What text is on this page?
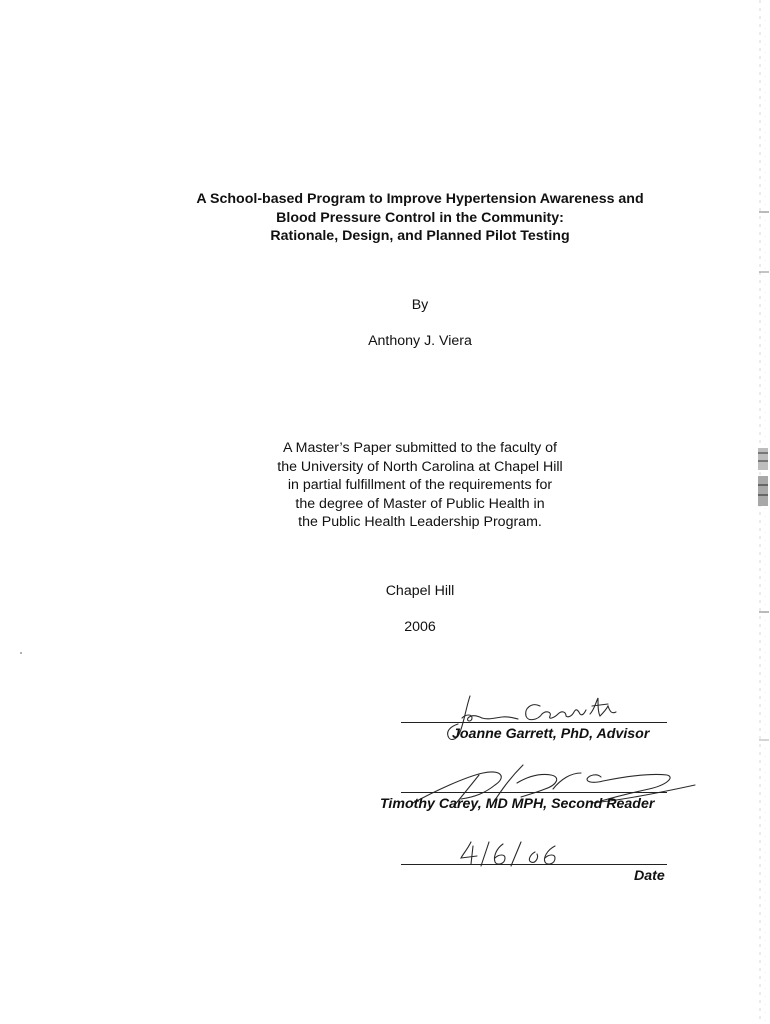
A School-based Program to Improve Hypertension Awareness and
Blood Pressure Control in the Community:
Rationale, Design, and Planned Pilot Testing
By
Anthony J. Viera
A Master’s Paper submitted to the faculty of
the University of North Carolina at Chapel Hill
in partial fulfillment of the requirements for
the degree of Master of Public Health in
the Public Health Leadership Program.
Chapel Hill
2006
Joanne Garrett, PhD, Advisor
Timothy Carey, MD MPH, Second Reader
Date
